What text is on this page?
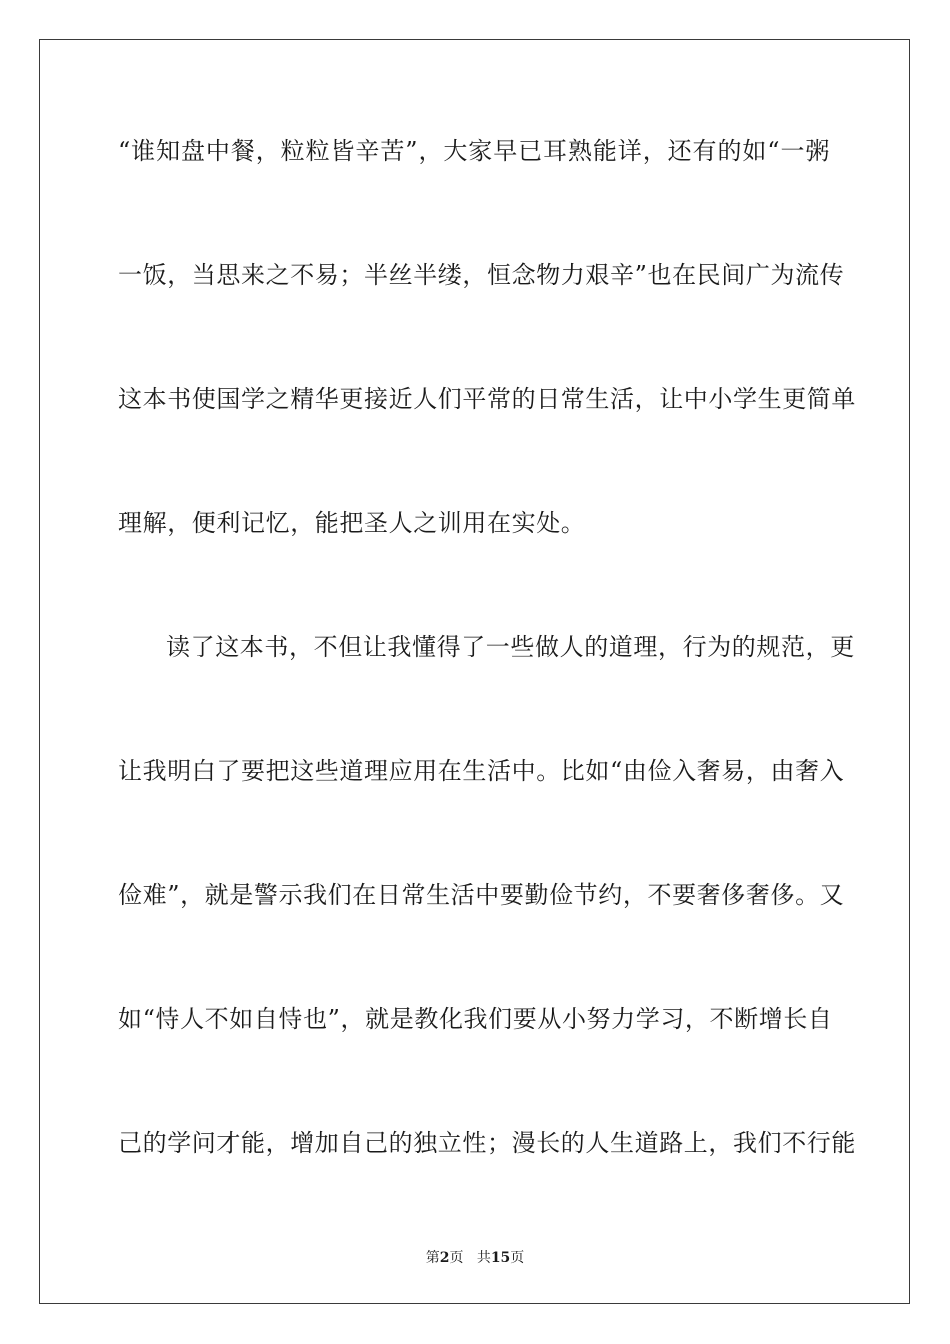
“谁知盘中餐，粒粒皆辛苦”，大家早已耳熟能详，还有的如“一粥
一饭，当思来之不易；半丝半缕，恒念物力艰辛”也在民间广为流传
这本书使国学之精华更接近人们平常的日常生活，让中小学生更简单
理解，便利记忆，能把圣人之训用在实处。
读了这本书，不但让我懂得了一些做人的道理，行为的规范，更
让我明白了要把这些道理应用在生活中。比如“由俭入奢易，由奢入
俭难”，就是警示我们在日常生活中要勤俭节约，不要奢侈奢侈。又
如“恃人不如自恃也”，就是教化我们要从小努力学习，不断增长自
己的学问才能，增加自己的独立性；漫长的人生道路上，我们不行能
第2页 共15页
